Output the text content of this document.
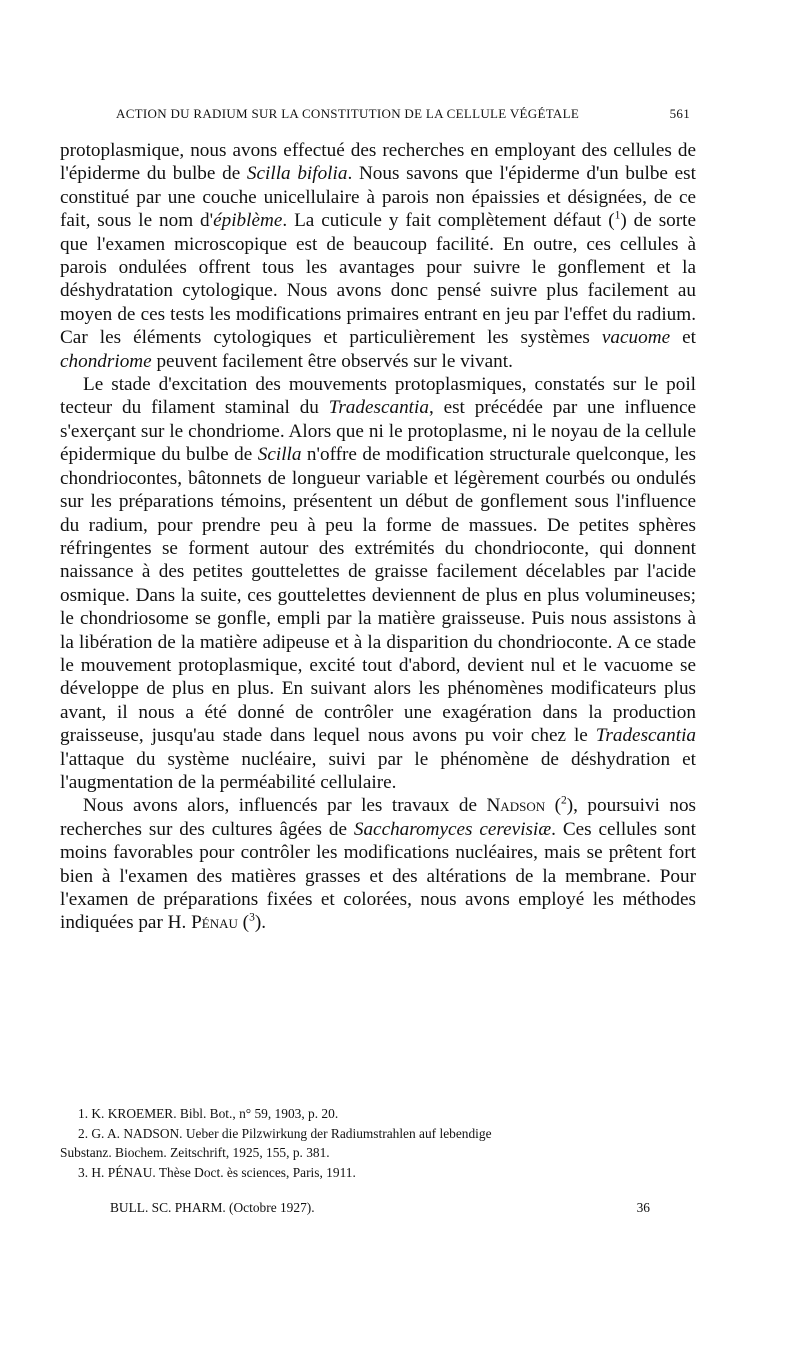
ACTION DU RADIUM SUR LA CONSTITUTION DE LA CELLULE VÉGÉTALE	561

protoplasmique, nous avons effectué des recherches en employant des cellules de l'épiderme du bulbe de Scilla bifolia. Nous savons que l'épiderme d'un bulbe est constitué par une couche unicellulaire à parois non épaissies et désignées, de ce fait, sous le nom d'épiblème. La cuticule y fait complètement défaut ($^1$) de sorte que l'examen microscopique est de beaucoup facilité. En outre, ces cellules à parois ondulées offrent tous les avantages pour suivre le gonflement et la déshydratation cytologique. Nous avons donc pensé suivre plus facilement au moyen de ces tests les modifications primaires entrant en jeu par l'effet du radium. Car les éléments cytologiques et particulièrement les systèmes vacuome et chondriome peuvent facilement être observés sur le vivant.

Le stade d'excitation des mouvements protoplasmiques, constatés sur le poil tecteur du filament staminal du Tradescantia, est précédée par une influence s'exerçant sur le chondriome. Alors que ni le protoplasme, ni le noyau de la cellule épidermique du bulbe de Scilla n'offre de modification structurale quelconque, les chondriocontes, bâtonnets de longueur variable et légèrement courbés ou ondulés sur les préparations témoins, présentent un début de gonflement sous l'influence du radium, pour prendre peu à peu la forme de massues. De petites sphères réfringentes se forment autour des extrémités du chondrioconte, qui donnent naissance à des petites gouttelettes de graisse facilement décelables par l'acide osmique. Dans la suite, ces gouttelettes deviennent de plus en plus volumineuses; le chondriosome se gonfle, empli par la matière graisseuse. Puis nous assistons à la libération de la matière adipeuse et à la disparition du chondrioconte. A ce stade le mouvement protoplasmique, excité tout d'abord, devient nul et le vacuome se développe de plus en plus. En suivant alors les phénomènes modificateurs plus avant, il nous a été donné de contrôler une exagération dans la production graisseuse, jusqu'au stade dans lequel nous avons pu voir chez le Tradescantia l'attaque du système nucléaire, suivi par le phénomène de déshydration et l'augmentation de la perméabilité cellulaire.

Nous avons alors, influencés par les travaux de Nadson ($^2$), poursuivi nos recherches sur des cultures âgées de Saccharomyces cerevisiæ. Ces cellules sont moins favorables pour contrôler les modifications nucléaires, mais se prêtent fort bien à l'examen des matières grasses et des altérations de la membrane. Pour l'examen de préparations fixées et colorées, nous avons employé les méthodes indiquées par H. Pénau ($^3$).

1. K. KROEMER. Bibl. Bot., n° 59, 1903, p. 20.
2. G. A. NADSON. Ueber die Pilzwirkung der Radiumstrahlen auf lebendige
Substanz. Biochem. Zeitschrift, 1925, 155, p. 381.
3. H. PÉNAU. Thèse Doct. ès sciences, Paris, 1911.
BULL. SC. PHARM. (Octobre 1927).	36
